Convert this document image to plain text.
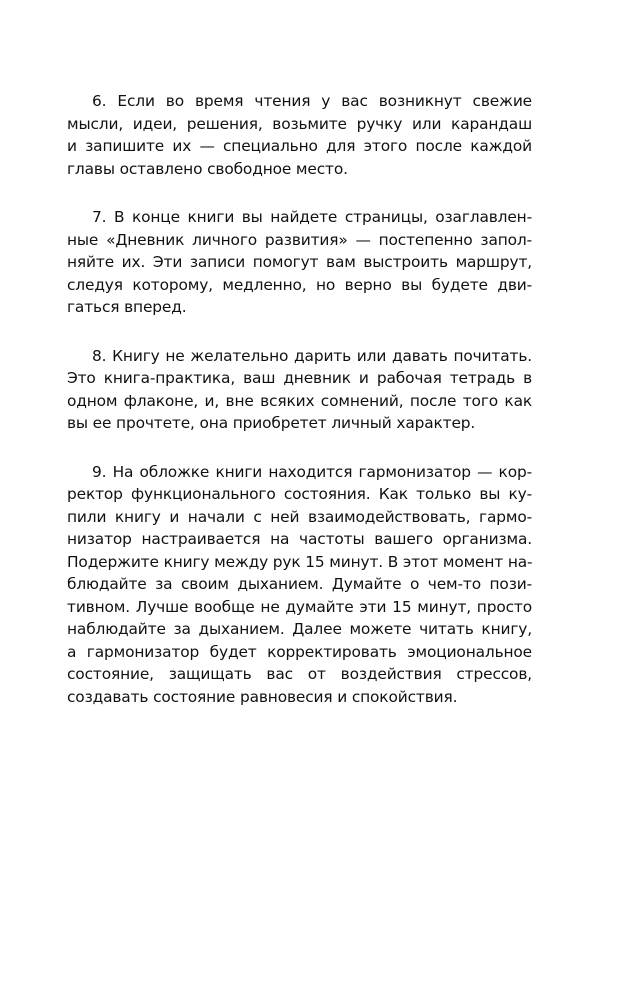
6. Если во время чтения у вас возникнут свежие
мысли, идеи, решения, возьмите ручку или карандаш
и запишите их — специально для этого после каждой
главы оставлено свободное место.
7. В конце книги вы найдете страницы, озаглавлен-
ные «Дневник личного развития» — постепенно запол-
няйте их. Эти записи помогут вам выстроить маршрут,
следуя которому, медленно, но верно вы будете дви-
гаться вперед.
8. Книгу не желательно дарить или давать почитать.
Это книга-практика, ваш дневник и рабочая тетрадь в
одном флаконе, и, вне всяких сомнений, после того как
вы ее прочтете, она приобретет личный характер.
9. На обложке книги находится гармонизатор — кор-
ректор функционального состояния. Как только вы ку-
пили книгу и начали с ней взаимодействовать, гармо-
низатор настраивается на частоты вашего организма.
Подержите книгу между рук 15 минут. В этот момент на-
блюдайте за своим дыханием. Думайте о чем-то пози-
тивном. Лучше вообще не думайте эти 15 минут, просто
наблюдайте за дыханием. Далее можете читать книгу,
а гармонизатор будет корректировать эмоциональное
состояние, защищать вас от воздействия стрессов,
создавать состояние равновесия и спокойствия.
